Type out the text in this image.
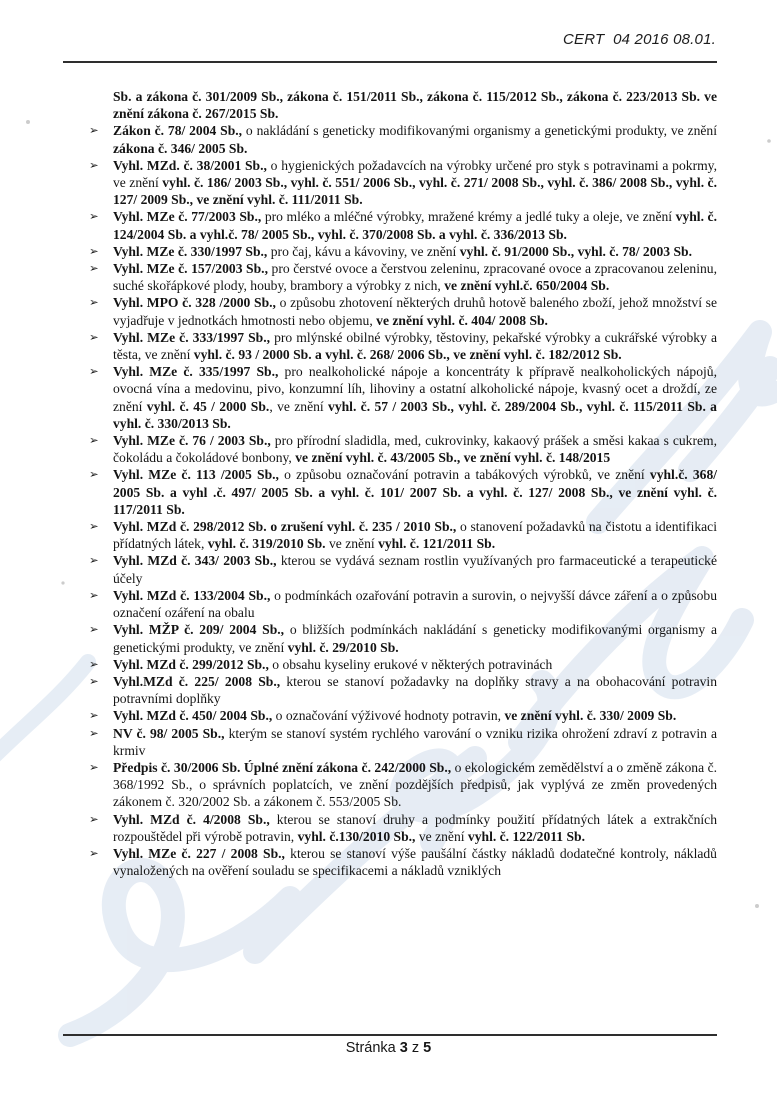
CERT  04 2016 08.01.

Sb. a zákona č. 301/2009 Sb., zákona č. 151/2011 Sb., zákona č. 115/2012 Sb., zákona č. 223/2013 Sb. ve znění zákona č. 267/2015 Sb.

➢ Zákon č. 78/ 2004 Sb., o nakládání s geneticky modifikovanými organismy a genetickými produkty, ve znění zákona č. 346/ 2005 Sb.
➢ Vyhl. MZd. č. 38/2001 Sb., o hygienických požadavcích na výrobky určené pro styk s potravinami a pokrmy, ve znění vyhl. č. 186/ 2003 Sb., vyhl. č. 551/ 2006 Sb., vyhl. č. 271/ 2008 Sb., vyhl. č. 386/ 2008 Sb., vyhl. č. 127/ 2009 Sb., ve znění vyhl. č. 111/2011 Sb.
➢ Vyhl. MZe č. 77/2003 Sb., pro mléko a mléčné výrobky, mražené krémy a jedlé tuky a oleje, ve znění vyhl. č. 124/2004 Sb. a vyhl.č. 78/ 2005 Sb., vyhl. č. 370/2008 Sb. a vyhl. č. 336/2013 Sb.
➢ Vyhl. MZe č. 330/1997 Sb., pro čaj, kávu a kávoviny, ve znění vyhl. č. 91/2000 Sb., vyhl. č. 78/ 2003 Sb.
➢ Vyhl. MZe č. 157/2003 Sb., pro čerstvé ovoce a čerstvou zeleninu, zpracované ovoce a zpracovanou zeleninu, suché skořápkové plody, houby, brambory a výrobky z nich, ve znění vyhl.č. 650/2004 Sb.
➢ Vyhl. MPO č. 328 /2000 Sb., o způsobu zhotovení některých druhů hotově baleného zboží, jehož množství se vyjadřuje v jednotkách hmotnosti nebo objemu, ve znění vyhl. č. 404/ 2008 Sb.
➢ Vyhl. MZe č. 333/1997 Sb., pro mlýnské obilné výrobky, těstoviny, pekařské výrobky a cukrářské výrobky a těsta, ve znění vyhl. č. 93 / 2000 Sb. a vyhl. č. 268/ 2006 Sb., ve znění vyhl. č. 182/2012 Sb.
➢ Vyhl. MZe č. 335/1997 Sb., pro nealkoholické nápoje a koncentráty k přípravě nealkoholických nápojů, ovocná vína a medovinu, pivo, konzumní líh, lihoviny a ostatní alkoholické nápoje, kvasný ocet a droždí, ze znění vyhl. č. 45 / 2000 Sb., ve znění vyhl. č. 57 / 2003 Sb., vyhl. č. 289/2004 Sb., vyhl. č. 115/2011 Sb. a vyhl. č. 330/2013 Sb.
➢ Vyhl. MZe č. 76 / 2003 Sb., pro přírodní sladidla, med, cukrovinky, kakaový prášek a směsi kakaa s cukrem, čokoládu a čokoládové bonbony, ve znění vyhl. č. 43/2005 Sb., ve znění vyhl. č. 148/2015
➢ Vyhl. MZe č. 113 /2005 Sb., o způsobu označování potravin a tabákových výrobků, ve znění vyhl.č. 368/ 2005 Sb. a vyhl .č. 497/ 2005 Sb. a vyhl. č. 101/ 2007 Sb. a vyhl. č. 127/ 2008 Sb., ve znění vyhl. č. 117/2011 Sb.
➢ Vyhl. MZd č. 298/2012 Sb. o zrušení vyhl. č. 235 / 2010 Sb., o stanovení požadavků na čistotu a identifikaci přídatných látek, vyhl. č. 319/2010 Sb. ve znění vyhl. č. 121/2011 Sb.
➢ Vyhl. MZd č. 343/ 2003 Sb., kterou se vydává seznam rostlin využívaných pro farmaceutické a terapeutické účely
➢ Vyhl. MZd č. 133/2004 Sb., o podmínkách ozařování potravin a surovin, o nejvyšší dávce záření a o způsobu označení ozáření na obalu
➢ Vyhl. MŽP č. 209/ 2004 Sb., o bližších podmínkách nakládání s geneticky modifikovanými organismy a genetickými produkty, ve znění vyhl. č. 29/2010 Sb.
➢ Vyhl. MZd č. 299/2012 Sb., o obsahu kyseliny erukové v některých potravinách
➢ Vyhl.MZd č. 225/ 2008 Sb., kterou se stanoví požadavky na doplňky stravy a na obohacování potravin potravními doplňky
➢ Vyhl. MZd č. 450/ 2004 Sb., o označování výživové hodnoty potravin, ve znění vyhl. č. 330/ 2009 Sb.
➢ NV č. 98/ 2005 Sb., kterým se stanoví systém rychlého varování o vzniku rizika ohrožení zdraví z potravin a krmiv
➢ Předpis č. 30/2006 Sb. Úplné znění zákona č. 242/2000 Sb., o ekologickém zemědělství a o změně zákona č. 368/1992 Sb., o správních poplatcích, ve znění pozdějších předpisů, jak vyplývá ze změn provedených zákonem č. 320/2002 Sb. a zákonem č. 553/2005 Sb.
➢ Vyhl. MZd č. 4/2008 Sb., kterou se stanoví druhy a podmínky použití přídatných látek a extrakčních rozpouštědel při výrobě potravin, vyhl. č.130/2010 Sb., ve znění vyhl. č. 122/2011 Sb.
➢ Vyhl. MZe č. 227 / 2008 Sb., kterou se stanoví výše paušální částky nákladů dodatečné kontroly, nákladů vynaložených na ověření souladu se specifikacemi a nákladů vzniklých
Stránka 3 z 5
